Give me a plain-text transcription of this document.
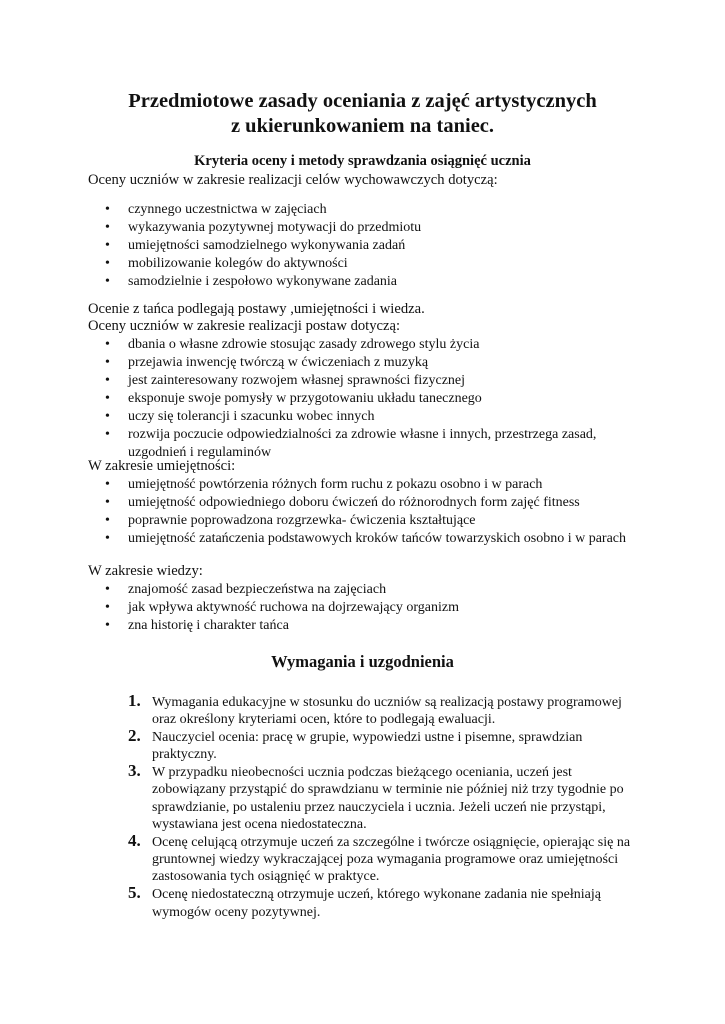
Przedmiotowe zasady oceniania z zajęć artystycznych
z ukierunkowaniem na taniec.
Kryteria oceny i metody sprawdzania osiągnięć ucznia
Oceny uczniów w zakresie realizacji celów wychowawczych dotyczą:
• czynnego uczestnictwa w zajęciach
• wykazywania pozytywnej motywacji do przedmiotu
• umiejętności samodzielnego wykonywania zadań
• mobilizowanie kolegów do aktywności
• samodzielnie i zespołowo wykonywane zadania
Ocenie z tańca podlegają postawy ,umiejętności i wiedza.
Oceny uczniów w zakresie realizacji postaw dotyczą:
• dbania o własne zdrowie stosując zasady zdrowego stylu życia
• przejawia inwencję twórczą w ćwiczeniach z muzyką
• jest zainteresowany rozwojem własnej sprawności fizycznej
• eksponuje swoje pomysły w przygotowaniu układu tanecznego
• uczy się tolerancji i szacunku wobec innych
• rozwija poczucie odpowiedzialności za zdrowie własne i innych, przestrzega zasad, uzgodnień i regulaminów
W zakresie umiejętności:
• umiejętność powtórzenia różnych form ruchu z pokazu osobno i w parach
• umiejętność odpowiedniego doboru ćwiczeń do różnorodnych form zajęć fitness
• poprawnie poprowadzona rozgrzewka- ćwiczenia kształtujące
• umiejętność zatańczenia podstawowych kroków tańców towarzyskich osobno i w parach
W zakresie wiedzy:
• znajomość zasad bezpieczeństwa na zajęciach
• jak wpływa aktywność ruchowa na dojrzewający organizm
• zna historię i charakter tańca
Wymagania i uzgodnienia
1. Wymagania edukacyjne w stosunku do uczniów są realizacją postawy programowej oraz określony kryteriami ocen, które to podlegają ewaluacji.
2. Nauczyciel ocenia: pracę w grupie, wypowiedzi ustne i pisemne, sprawdzian praktyczny.
3. W przypadku nieobecności ucznia podczas bieżącego oceniania, uczeń jest zobowiązany przystąpić do sprawdzianu w terminie nie później niż trzy tygodnie po sprawdzianie, po ustaleniu przez nauczyciela i ucznia. Jeżeli uczeń nie przystąpi, wystawiana jest ocena niedostateczna.
4. Ocenę celującą otrzymuje uczeń za szczególne i twórcze osiągnięcie, opierając się na gruntownej wiedzy wykraczającej poza wymagania programowe oraz umiejętności zastosowania tych osiągnięć w praktyce.
5. Ocenę niedostateczną otrzymuje uczeń, którego wykonane zadania nie spełniają wymogów oceny pozytywnej.
